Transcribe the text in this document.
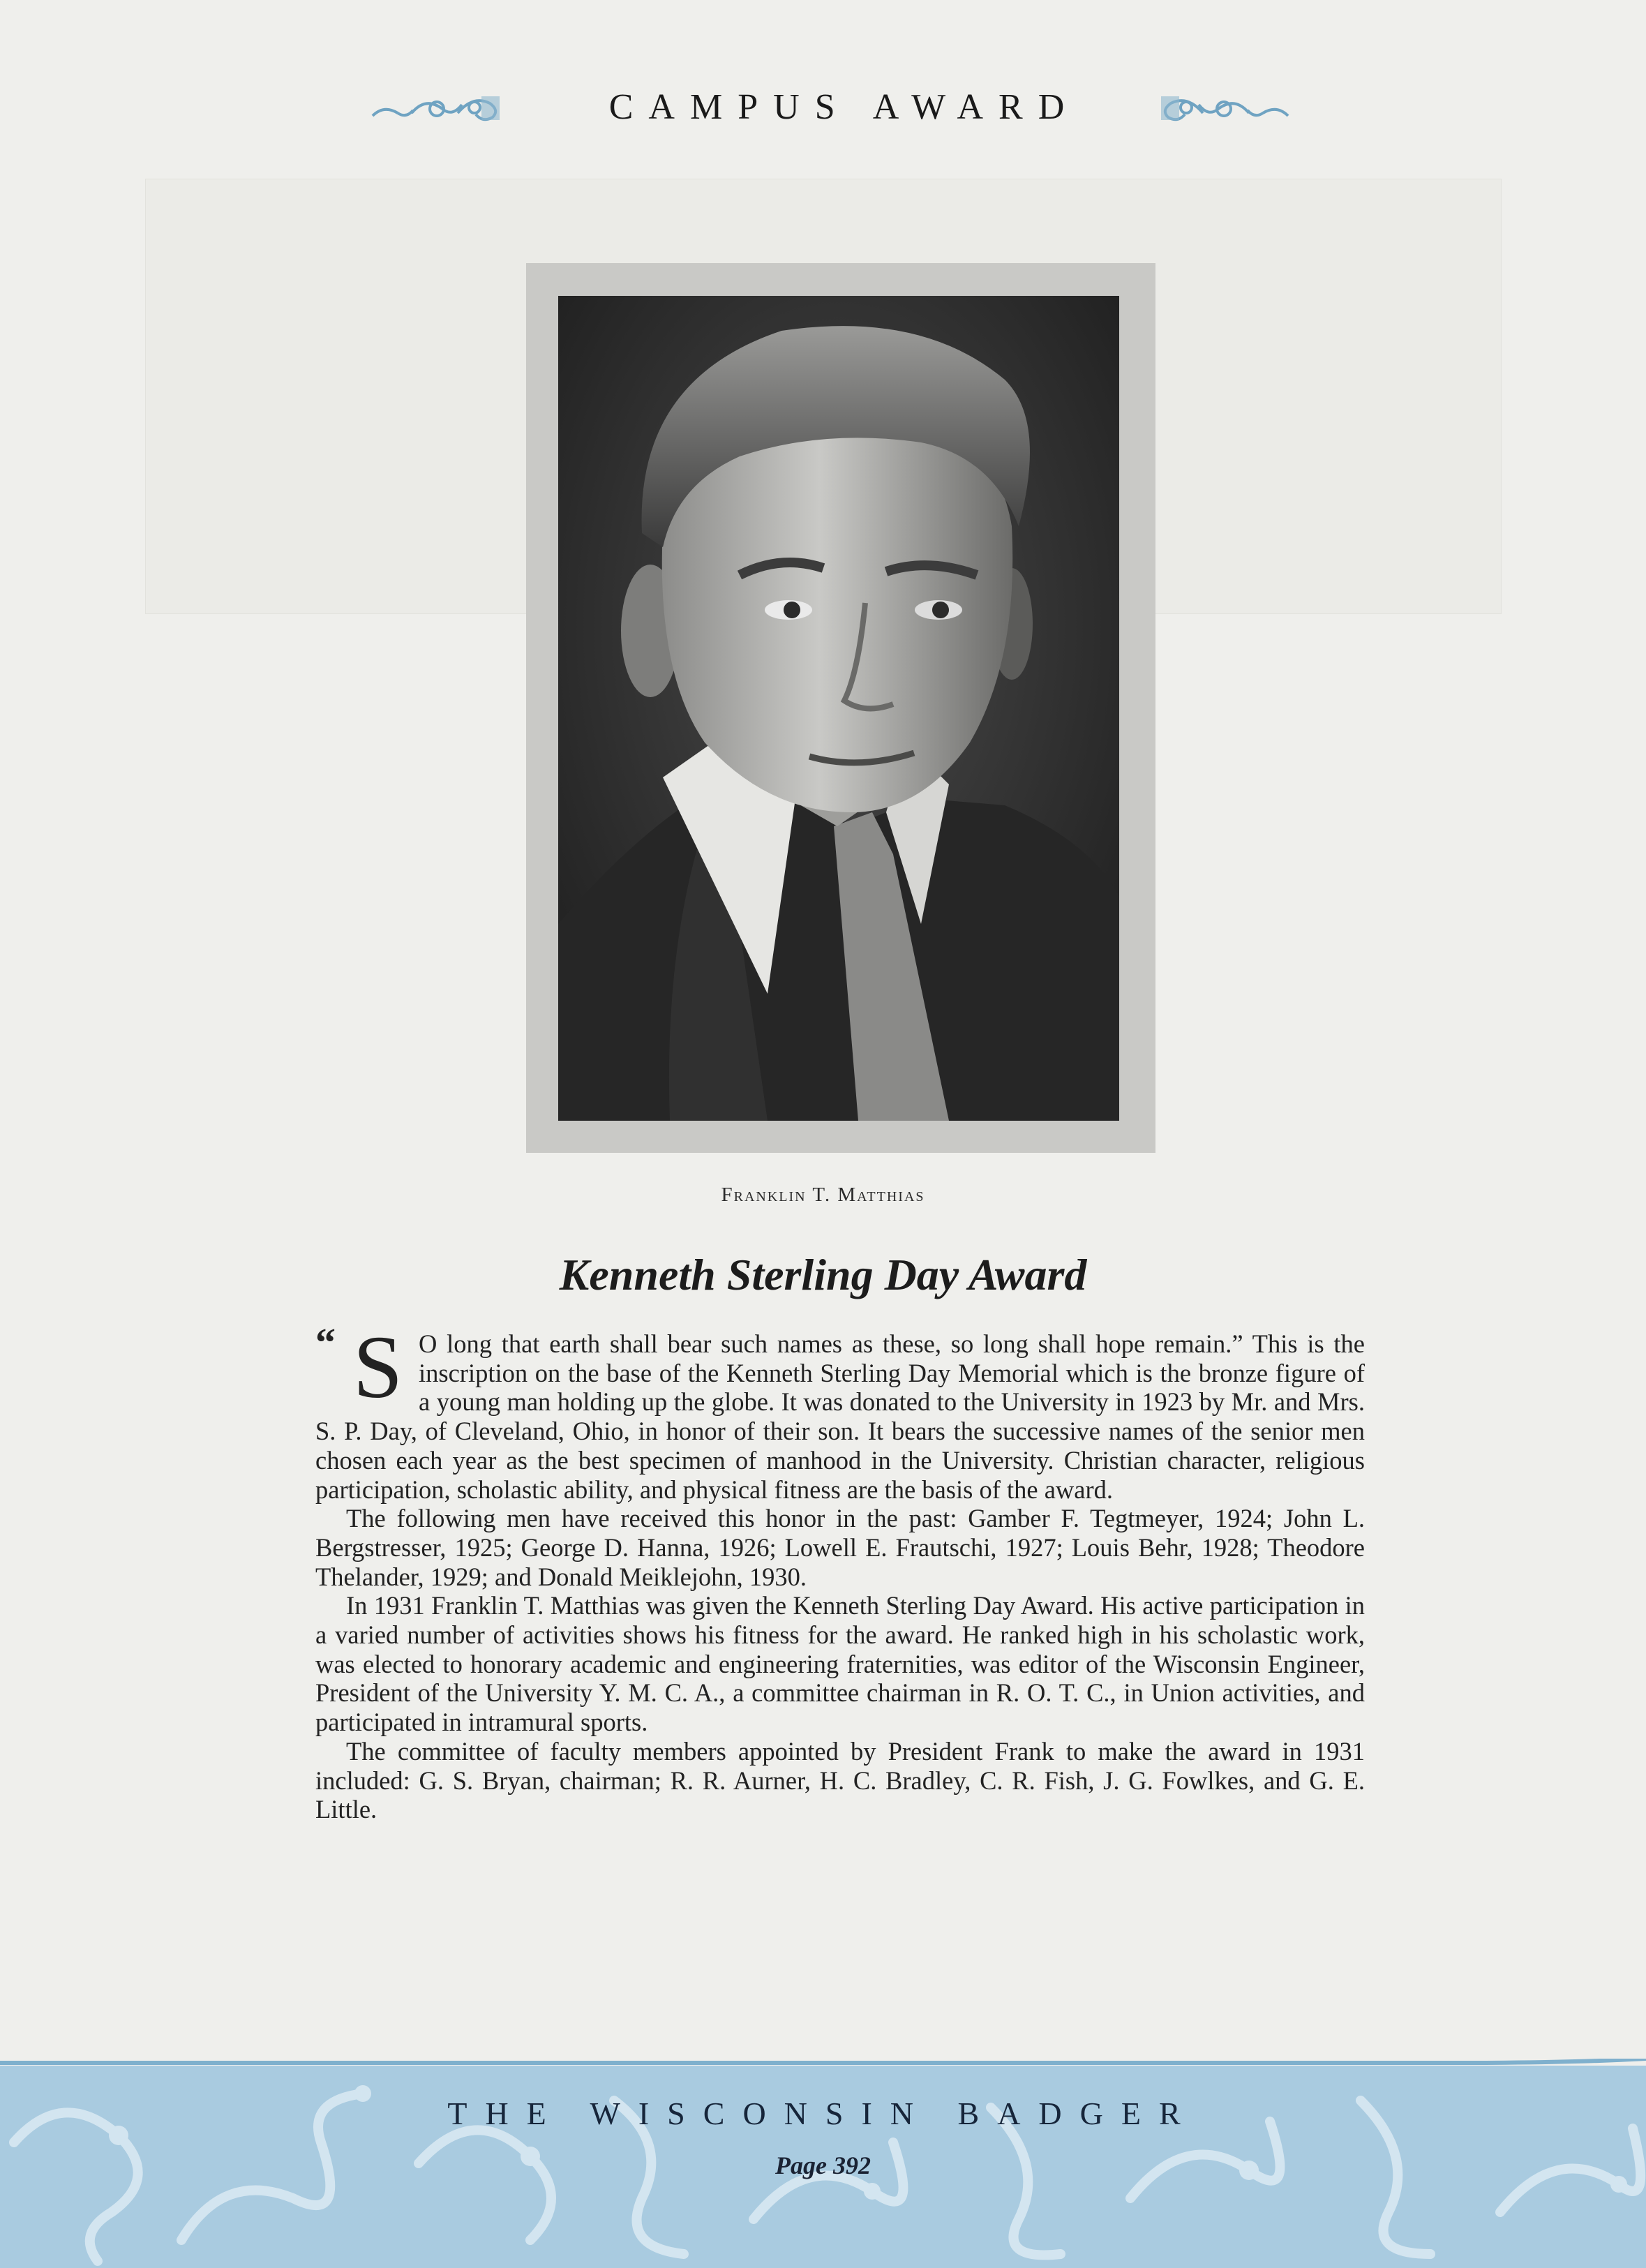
CAMPUS AWARD
Franklin T. Matthias
Kenneth Sterling Day Award

“ S O long that earth shall bear such names as these, so long shall hope remain.” This is the inscription on the base of the Kenneth Sterling Day Memorial which is the bronze figure of a young man holding up the globe. It was donated to the University in 1923 by Mr. and Mrs. S. P. Day, of Cleveland, Ohio, in honor of their son. It bears the successive names of the senior men chosen each year as the best specimen of manhood in the University. Christian character, religious participation, scholastic ability, and physical fitness are the basis of the award.

The following men have received this honor in the past: Gamber F. Tegtmeyer, 1924; John L. Bergstresser, 1925; George D. Hanna, 1926; Lowell E. Frautschi, 1927; Louis Behr, 1928; Theodore Thelander, 1929; and Donald Meiklejohn, 1930.

In 1931 Franklin T. Matthias was given the Kenneth Sterling Day Award. His active participation in a varied number of activities shows his fitness for the award. He ranked high in his scholastic work, was elected to honorary academic and engineering fraternities, was editor of the Wisconsin Engineer, President of the University Y. M. C. A., a committee chairman in R. O. T. C., in Union activities, and participated in intramural sports.

The committee of faculty members appointed by President Frank to make the award in 1931 included: G. S. Bryan, chairman; R. R. Aurner, H. C. Bradley, C. R. Fish, J. G. Fowlkes, and G. E. Little.

THE WISCONSIN BADGER
Page 392
